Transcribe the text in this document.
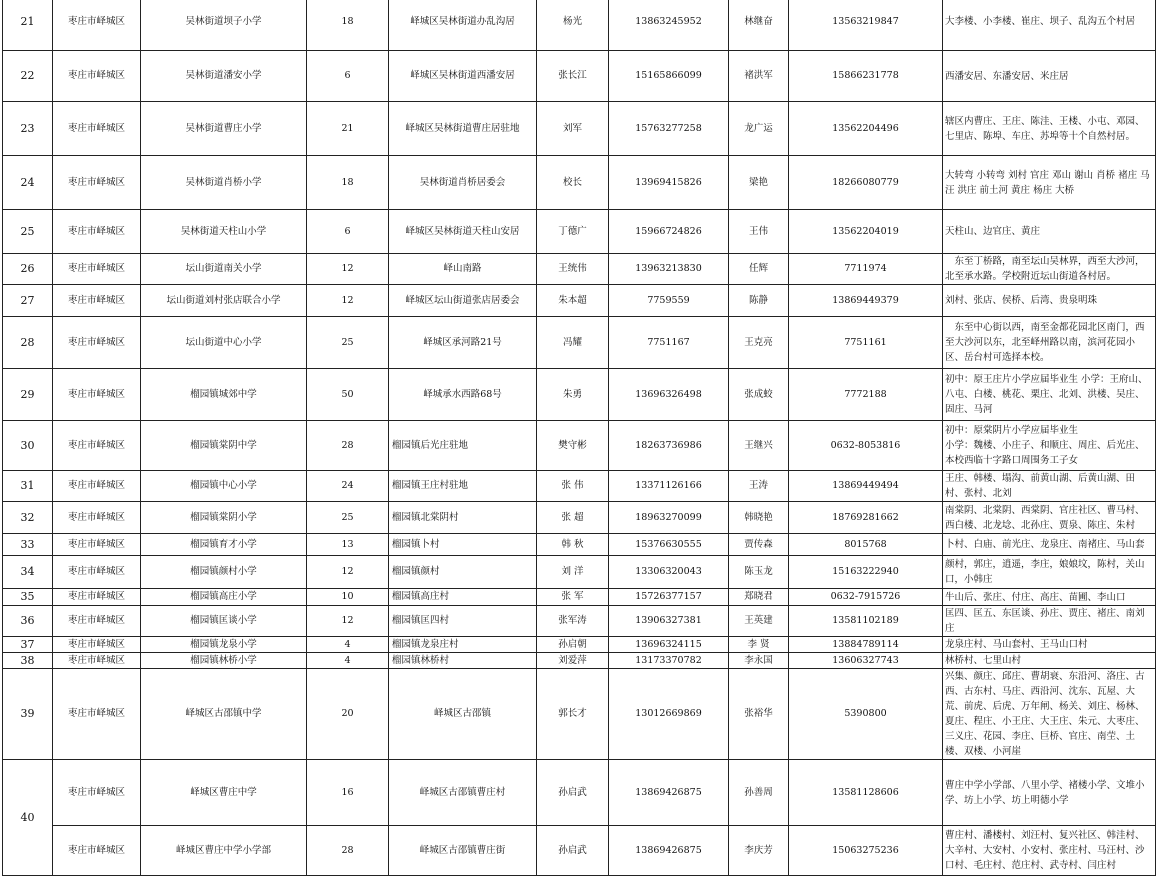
21	枣庄市峄城区	吴林街道坝子小学	18	峄城区吴林街道办乱沟居	杨光	13863245952	林继奋	13563219847	大李楼、小李楼、崔庄、坝子、乱沟五个村居	
22	枣庄市峄城区	吴林街道潘安小学	6	峄城区吴林街道西潘安居	张长江	15165866099	褚洪军	15866231778	西潘安居、东潘安居、米庄居	
23	枣庄市峄城区	吴林街道曹庄小学	21	峄城区吴林街道曹庄居驻地	刘军	15763277258	龙广运	13562204496	辖区内曹庄、王庄、陈洼、王楼、小屯、邓园、七里店、陈埠、车庄、苏埠等十个自然村居。	
24	枣庄市峄城区	吴林街道肖桥小学	18	吴林街道肖桥居委会	校长	13969415826	梁艳	18266080779	大转弯 小转弯 刘村 官庄 邓山 谢山 肖桥 褚庄 马汪 洪庄 前土河 黄庄 杨庄 大桥	
25	枣庄市峄城区	吴林街道天柱山小学	6	峄城区吴林街道天柱山安居	丁德广	15966724826	王伟	13562204019	天柱山、边官庄、黄庄	
26	枣庄市峄城区	坛山街道南关小学	12	峄山南路	王统伟	13963213830	任辉	7711974	　东至丁桥路，南至坛山吴林界，西至大沙河，北至承水路。学校附近坛山街道各村居。	
27	枣庄市峄城区	坛山街道刘村张店联合小学	12	峄城区坛山街道张店居委会	朱本超	7759559	陈静	13869449379	刘村、张店、侯桥、后湾、贵泉明珠	
28	枣庄市峄城区	坛山街道中心小学	25	峄城区承河路21号	冯耀	7751167	王克亮	7751161	　东至中心街以西，南至金都花园北区南门，西至大沙河以东，北至峄州路以南，滨河花园小区、岳台村可选择本校。	
29	枣庄市峄城区	榴园镇城郊中学	50	峄城承水西路68号	朱勇	13696326498	张成蛟	7772188	初中：原王庄片小学应届毕业生 小学：王府山、八屯、白楼、桃花、栗庄、北刘、洪楼、吴庄、固庄、马河	
30	枣庄市峄城区	榴园镇棠阴中学	28	榴园镇后光庄驻地	樊守彬	18263736986	王继兴	0632-8053816	初中：原棠阴片小学应届毕业生
小学：魏楼、小庄子、和顺庄、周庄、后光庄、本校西临十字路口周围务工子女	
31	枣庄市峄城区	榴园镇中心小学	24	榴园镇王庄村驻地	张 伟	13371126166	王涛	13869449494	王庄、韩楼、塌沟、前黄山湖、后黄山湖、田村、张村、北刘	
32	枣庄市峄城区	榴园镇棠阴小学	25	榴园镇北棠阴村	张 超	18963270099	韩晓艳	18769281662	南棠阴、北棠阴、西棠阴、官庄社区、曹马村、西白楼、北龙埝、北孙庄、贾泉、陈庄、朱村	
33	枣庄市峄城区	榴园镇育才小学	13	榴园镇卜村	韩 秋	15376630555	贾传森	8015768	卜村、白庙、前光庄、龙泉庄、南褚庄、马山套	
34	枣庄市峄城区	榴园镇颜村小学	12	榴园镇颜村	刘 洋	13306320043	陈玉龙	15163222940	颜村，郭庄，逍遥，李庄，娘娘坟，陈村，关山口，小韩庄	
35	枣庄市峄城区	榴园镇高庄小学	10	榴园镇高庄村	张 军	15726377157	郑晓君	0632-7915726	牛山后、张庄、付庄、高庄、苗圃、李山口	
36	枣庄市峄城区	榴园镇匡谈小学	12	榴园镇匡四村	张军涛	13906327381	王英建	13581102189	匡四、匡五、东匡谈、孙庄、贾庄、褚庄、南刘庄	
37	枣庄市峄城区	榴园镇龙泉小学	4	榴园镇龙泉庄村	孙启朝	13696324115	李 贤	13884789114	龙泉庄村、马山套村、王马山口村	
38	枣庄市峄城区	榴园镇林桥小学	4	榴园镇林桥村	刘爱萍	13173370782	李永国	13606327743	林桥村、七里山村	
39	枣庄市峄城区	峄城区古邵镇中学	20	峄城区古邵镇	郭长才	13012669869	张裕华	5390800	兴集、颜庄、邱庄、曹胡衰、东沿河、洛庄、古西、古东村、马庄、西沿河、沈东、瓦屋、大荒、前虎、后虎、万年闸、杨关、刘庄、杨林、夏庄、程庄、小王庄、大王庄、朱元、大枣庄、三义庄、花园、李庄、巨桥、官庄、南茔、土楼、双楼、小河崖	
40	枣庄市峄城区	峄城区曹庄中学	16	峄城区古邵镇曹庄村	孙启武	13869426875	孙善周	13581128606	曹庄中学小学部、八里小学、褚楼小学、文堆小学、坊上小学、坊上明德小学	
	枣庄市峄城区	峄城区曹庄中学小学部	28	峄城区古邵镇曹庄街	孙启武	13869426875	李庆芳	15063275236	曹庄村、潘楼村、刘汪村、复兴社区、韩洼村、大辛村、大安村、小安村、张庄村、马汪村、沙口村、毛庄村、范庄村、武寺村、闫庄村	
